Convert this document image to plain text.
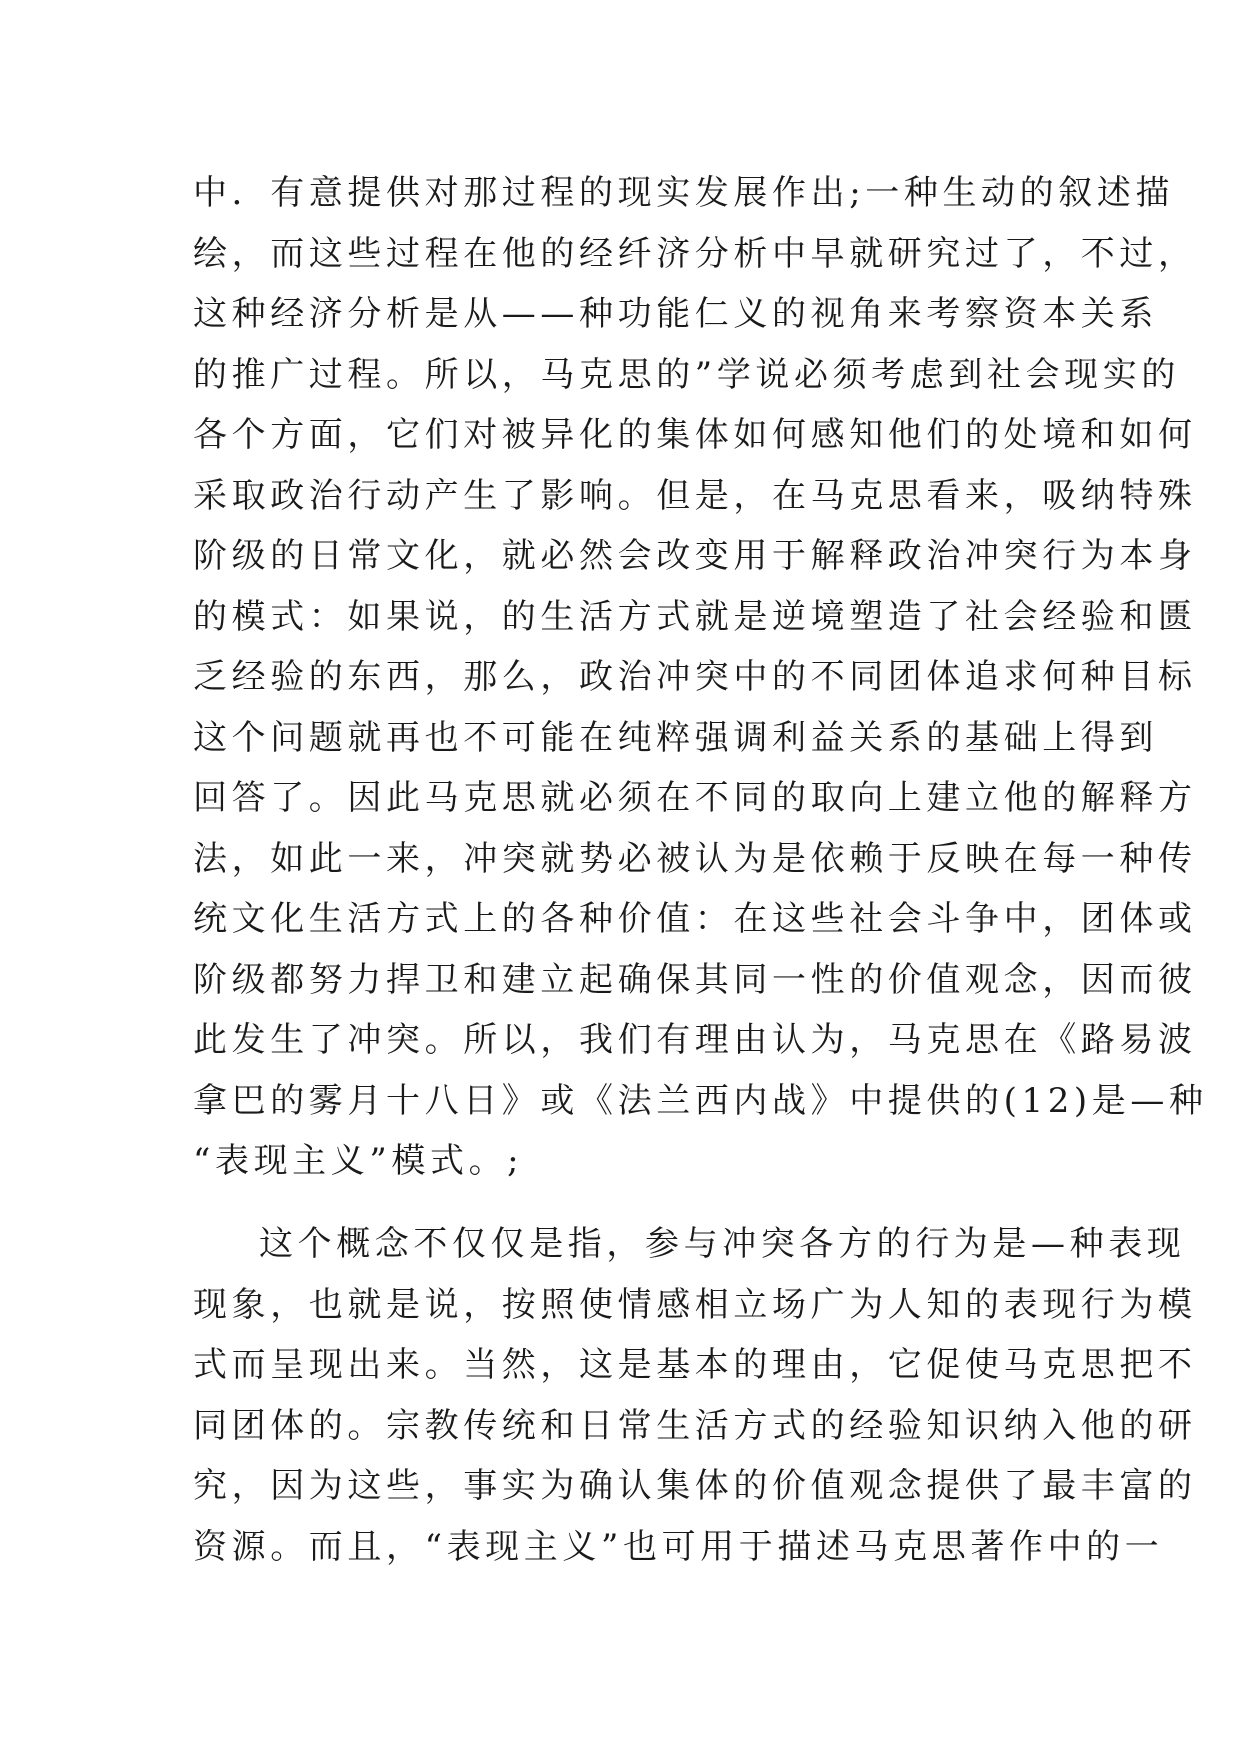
中．有意提供对那过程的现实发展作出;一种生动的叙述描
绘，而这些过程在他的经纤济分析中早就研究过了，不过，
这种经济分析是从——种功能仁义的视角来考察资本关系
的推广过程。所以，马克思的”学说必须考虑到社会现实的
各个方面，它们对被异化的集体如何感知他们的处境和如何
采取政治行动产生了影响。但是，在马克思看来，吸纳特殊
阶级的日常文化，就必然会改变用于解释政治冲突行为本身
的模式：如果说，的生活方式就是逆境塑造了社会经验和匮
乏经验的东西，那么，政治冲突中的不同团体追求何种目标
这个问题就再也不可能在纯粹强调利益关系的基础上得到
回答了。因此马克思就必须在不同的取向上建立他的解释方
法，如此一来，冲突就势必被认为是依赖于反映在每一种传
统文化生活方式上的各种价值：在这些社会斗争中，团体或
阶级都努力捍卫和建立起确保其同一性的价值观念，因而彼
此发生了冲突。所以，我们有理由认为，马克思在《路易波
拿巴的雾月十八日》或《法兰西内战》中提供的(12)是—种
“表现主义”模式。;
这个概念不仅仅是指，参与冲突各方的行为是—种表现
现象，也就是说，按照使情感相立场广为人知的表现行为模
式而呈现出来。当然，这是基本的理由，它促使马克思把不
同团体的。宗教传统和日常生活方式的经验知识纳入他的研
究，因为这些，事实为确认集体的价值观念提供了最丰富的
资源。而且，“表现主义”也可用于描述马克思著作中的一
